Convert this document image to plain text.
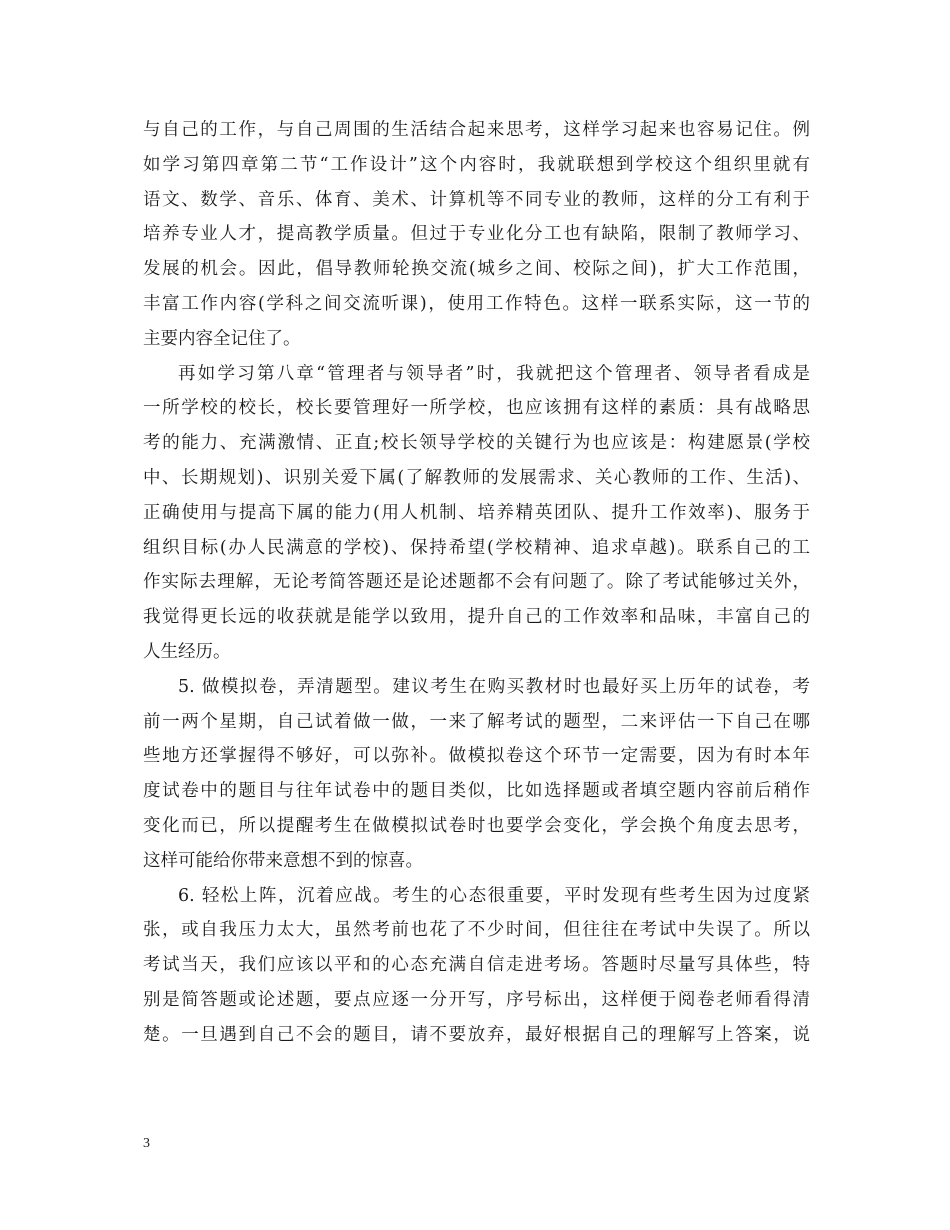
与自己的工作，与自己周围的生活结合起来思考，这样学习起来也容易记住。例
如学习第四章第二节“工作设计”这个内容时，我就联想到学校这个组织里就有
语文、数学、音乐、体育、美术、计算机等不同专业的教师，这样的分工有利于
培养专业人才，提高教学质量。但过于专业化分工也有缺陷，限制了教师学习、
发展的机会。因此，倡导教师轮换交流(城乡之间、校际之间)，扩大工作范围，
丰富工作内容(学科之间交流听课)，使用工作特色。这样一联系实际，这一节的
主要内容全记住了。
再如学习第八章“管理者与领导者”时，我就把这个管理者、领导者看成是
一所学校的校长，校长要管理好一所学校，也应该拥有这样的素质：具有战略思
考的能力、充满激情、正直;校长领导学校的关键行为也应该是：构建愿景(学校
中、长期规划)、识别关爱下属(了解教师的发展需求、关心教师的工作、生活)、
正确使用与提高下属的能力(用人机制、培养精英团队、提升工作效率)、服务于
组织目标(办人民满意的学校)、保持希望(学校精神、追求卓越)。联系自己的工
作实际去理解，无论考简答题还是论述题都不会有问题了。除了考试能够过关外，
我觉得更长远的收获就是能学以致用，提升自己的工作效率和品味，丰富自己的
人生经历。
5. 做模拟卷，弄清题型。建议考生在购买教材时也最好买上历年的试卷，考
前一两个星期，自己试着做一做，一来了解考试的题型，二来评估一下自己在哪
些地方还掌握得不够好，可以弥补。做模拟卷这个环节一定需要，因为有时本年
度试卷中的题目与往年试卷中的题目类似，比如选择题或者填空题内容前后稍作
变化而已，所以提醒考生在做模拟试卷时也要学会变化，学会换个角度去思考，
这样可能给你带来意想不到的惊喜。
6. 轻松上阵，沉着应战。考生的心态很重要，平时发现有些考生因为过度紧
张，或自我压力太大，虽然考前也花了不少时间，但往往在考试中失误了。所以
考试当天，我们应该以平和的心态充满自信走进考场。答题时尽量写具体些，特
别是简答题或论述题，要点应逐一分开写，序号标出，这样便于阅卷老师看得清
楚。一旦遇到自己不会的题目，请不要放弃，最好根据自己的理解写上答案，说
3
